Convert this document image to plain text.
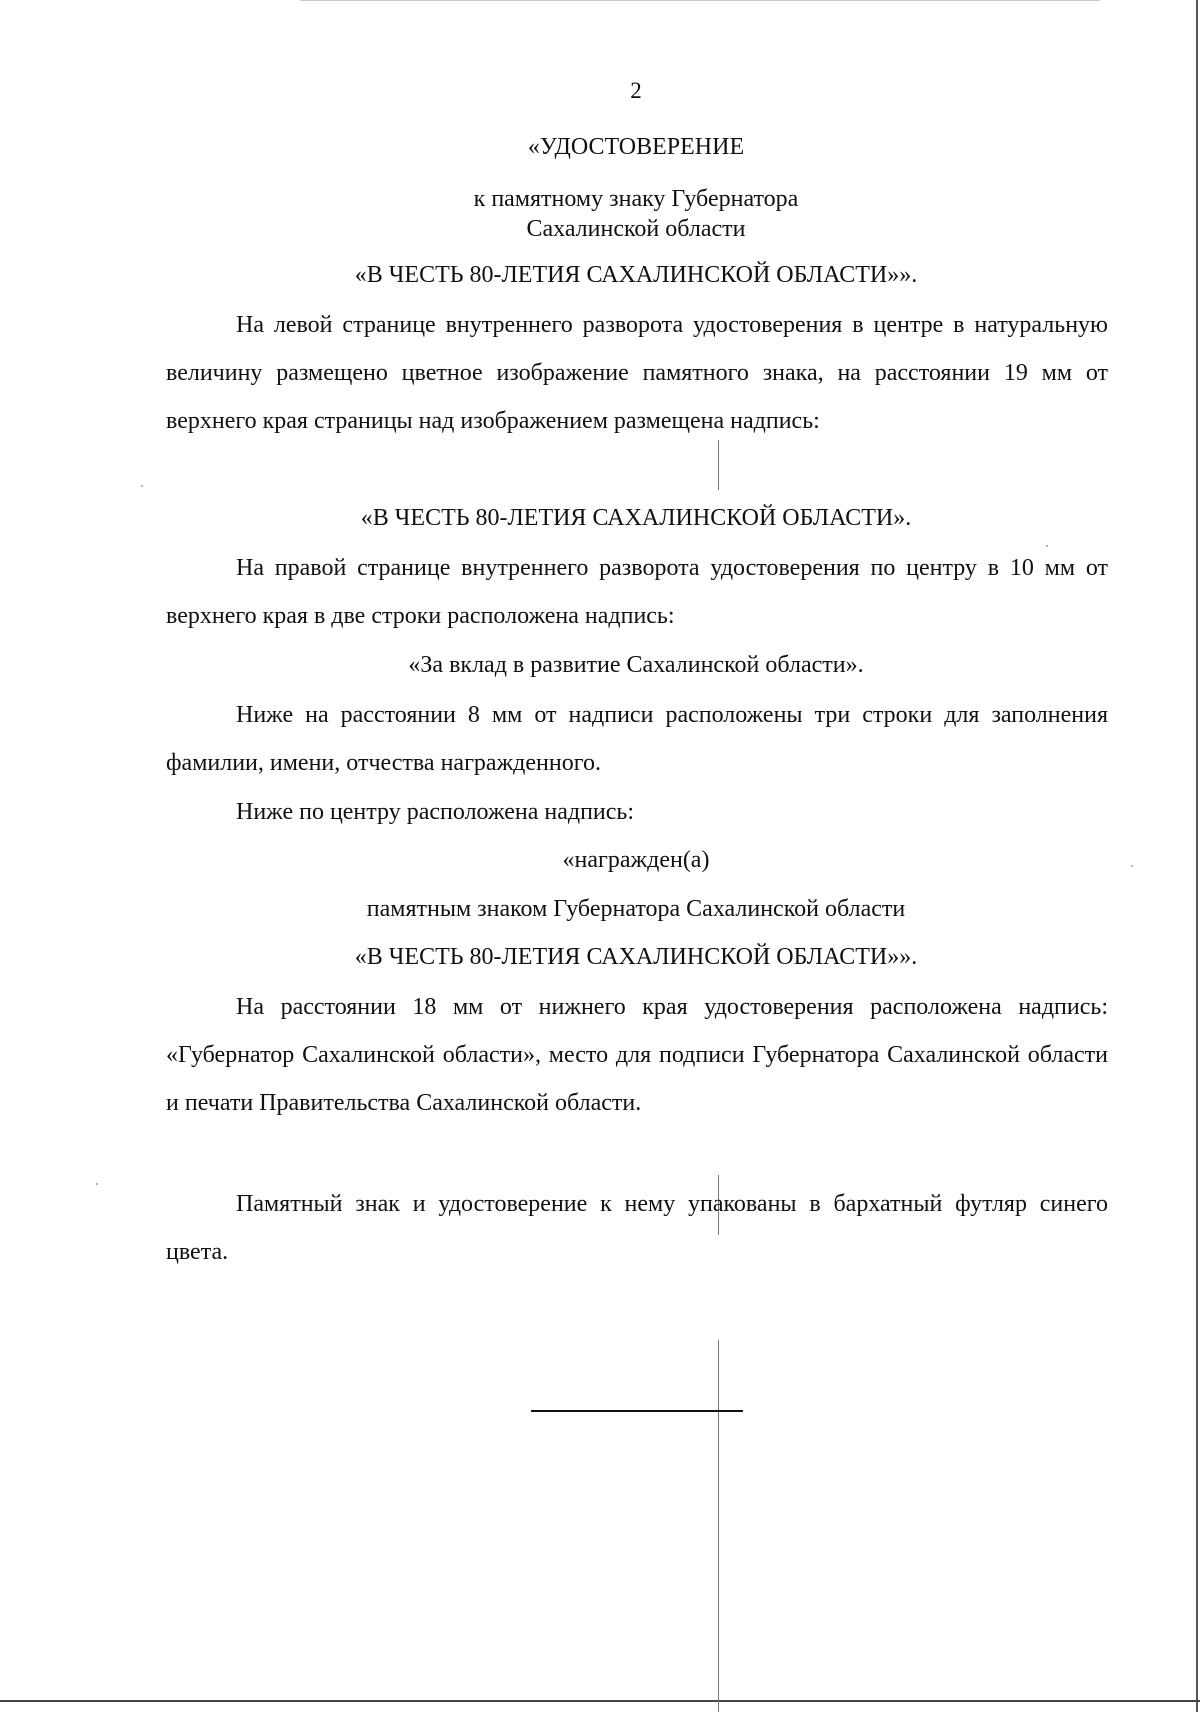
2
«УДОСТОВЕРЕНИЕ
к памятному знаку Губернатора
Сахалинской области
«В ЧЕСТЬ 80-ЛЕТИЯ САХАЛИНСКОЙ ОБЛАСТИ»».
На левой странице внутреннего разворота удостоверения в центре в натуральную величину размещено цветное изображение памятного знака, на расстоянии 19 мм от верхнего края страницы над изображением размещена надпись:
«В ЧЕСТЬ 80-ЛЕТИЯ САХАЛИНСКОЙ ОБЛАСТИ».
На правой странице внутреннего разворота удостоверения по центру в 10 мм от верхнего края в две строки расположена надпись:
«За вклад в развитие Сахалинской области».
Ниже на расстоянии 8 мм от надписи расположены три строки для заполнения фамилии, имени, отчества награжденного.
Ниже по центру расположена надпись:
«награжден(а)
памятным знаком Губернатора Сахалинской области
«В ЧЕСТЬ 80-ЛЕТИЯ САХАЛИНСКОЙ ОБЛАСТИ»».
На расстоянии 18 мм от нижнего края удостоверения расположена надпись: «Губернатор Сахалинской области», место для подписи Губернатора Сахалинской области и печати Правительства Сахалинской области.
Памятный знак и удостоверение к нему упакованы в бархатный футляр синего цвета.
